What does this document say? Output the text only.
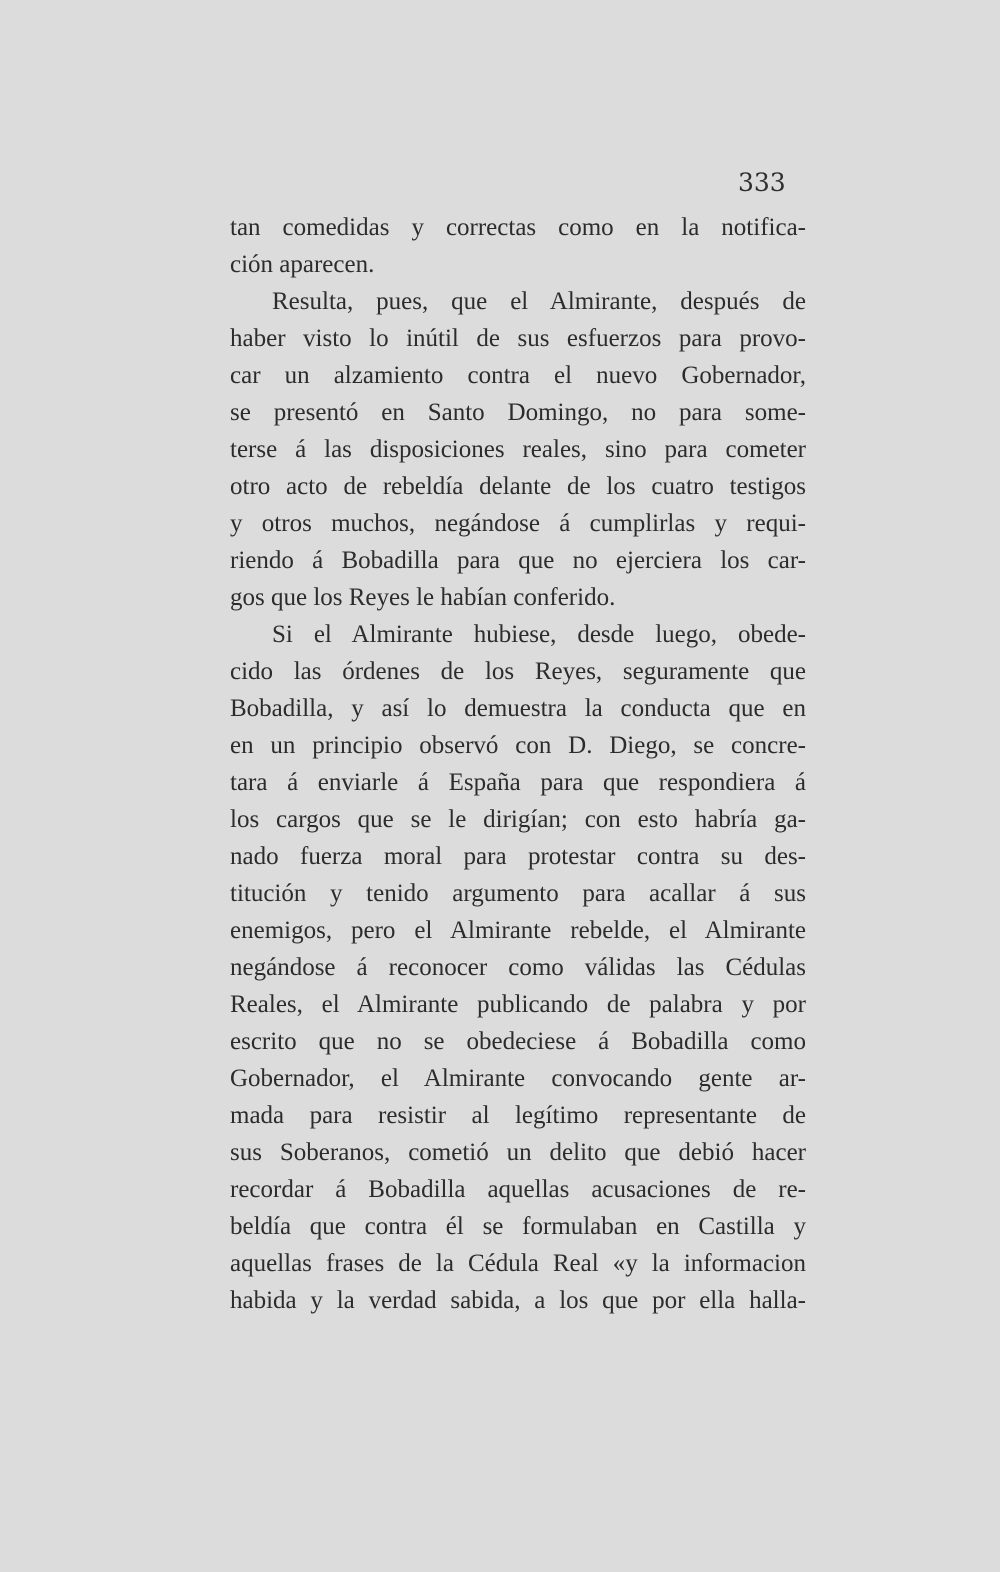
333
tan comedidas y correctas como en la notifica-
ción aparecen.
Resulta, pues, que el Almirante, después de
haber visto lo inútil de sus esfuerzos para provo-
car un alzamiento contra el nuevo Gobernador,
se presentó en Santo Domingo, no para some-
terse á las disposiciones reales, sino para cometer
otro acto de rebeldía delante de los cuatro testigos
y otros muchos, negándose á cumplirlas y requi-
riendo á Bobadilla para que no ejerciera los car-
gos que los Reyes le habían conferido.
Si el Almirante hubiese, desde luego, obede-
cido las órdenes de los Reyes, seguramente que
Bobadilla, y así lo demuestra la conducta que en
en un principio observó con D. Diego, se concre-
tara á enviarle á España para que respondiera á
los cargos que se le dirigían; con esto habría ga-
nado fuerza moral para protestar contra su des-
titución y tenido argumento para acallar á sus
enemigos, pero el Almirante rebelde, el Almirante
negándose á reconocer como válidas las Cédulas
Reales, el Almirante publicando de palabra y por
escrito que no se obedeciese á Bobadilla como
Gobernador, el Almirante convocando gente ar-
mada para resistir al legítimo representante de
sus Soberanos, cometió un delito que debió hacer
recordar á Bobadilla aquellas acusaciones de re-
beldía que contra él se formulaban en Castilla y
aquellas frases de la Cédula Real «y la informacion
habida y la verdad sabida, a los que por ella halla-
